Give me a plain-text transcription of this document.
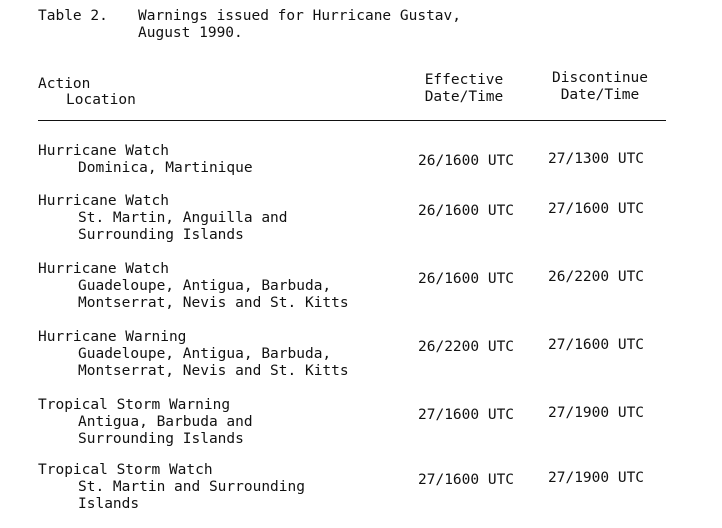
Table 2. Warnings issued for Hurricane Gustav,
August 1990.
Action
Location
Effective
Date/Time
Discontinue
Date/Time
Hurricane Watch
Dominica, Martinique	26/1600 UTC 27/1300 UTC
Hurricane Watch
St. Martin, Anguilla and
Surrounding Islands
26/1600 UTC 27/1600 UTC
Hurricane Watch
Guadeloupe, Antigua, Barbuda,
Montserrat, Nevis and St. Kitts
26/1600 UTC 26/2200 UTC
Hurricane Warning
Guadeloupe, Antigua, Barbuda,
Montserrat, Nevis and St. Kitts
26/2200 UTC 27/1600 UTC
Tropical Storm Warning
Antigua, Barbuda and
Surrounding Islands
27/1600 UTC 27/1900 UTC
Tropical Storm Watch
St. Martin and Surrounding
Islands
27/1600 UTC 27/1900 UTC
